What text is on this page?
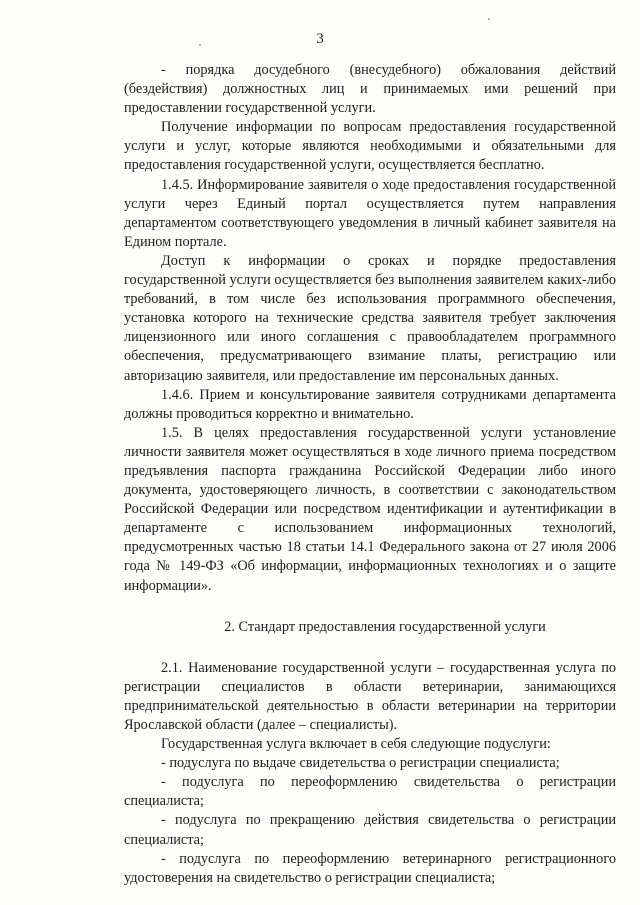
3

- порядка досудебного (внесудебного) обжалования действий (бездействия) должностных лиц и принимаемых ими решений при предоставлении государственной услуги.

Получение информации по вопросам предоставления государственной услуги и услуг, которые являются необходимыми и обязательными для предоставления государственной услуги, осуществляется бесплатно.

1.4.5. Информирование заявителя о ходе предоставления государственной услуги через Единый портал осуществляется путем направления департаментом соответствующего уведомления в личный кабинет заявителя на Едином портале.

Доступ к информации о сроках и порядке предоставления государственной услуги осуществляется без выполнения заявителем каких-либо требований, в том числе без использования программного обеспечения, установка которого на технические средства заявителя требует заключения лицензионного или иного соглашения с правообладателем программного обеспечения, предусматривающего взимание платы, регистрацию или авторизацию заявителя, или предоставление им персональных данных.

1.4.6. Прием и консультирование заявителя сотрудниками департамента должны проводиться корректно и внимательно.

1.5. В целях предоставления государственной услуги установление личности заявителя может осуществляться в ходе личного приема посредством предъявления паспорта гражданина Российской Федерации либо иного документа, удостоверяющего личность, в соответствии с законодательством Российской Федерации или посредством идентификации и аутентификации в департаменте с использованием информационных технологий, предусмотренных частью 18 статьи 14.1 Федерального закона от 27 июля 2006 года № 149-ФЗ «Об информации, информационных технологиях и о защите информации».

2. Стандарт предоставления государственной услуги

2.1. Наименование государственной услуги – государственная услуга по регистрации специалистов в области ветеринарии, занимающихся предпринимательской деятельностью в области ветеринарии на территории Ярославской области (далее – специалисты).

Государственная услуга включает в себя следующие подуслуги:

- подуслуга по выдаче свидетельства о регистрации специалиста;

- подуслуга по переоформлению свидетельства о регистрации специалиста;

- подуслуга по прекращению действия свидетельства о регистрации специалиста;

- подуслуга по переоформлению ветеринарного регистрационного удостоверения на свидетельство о регистрации специалиста;
